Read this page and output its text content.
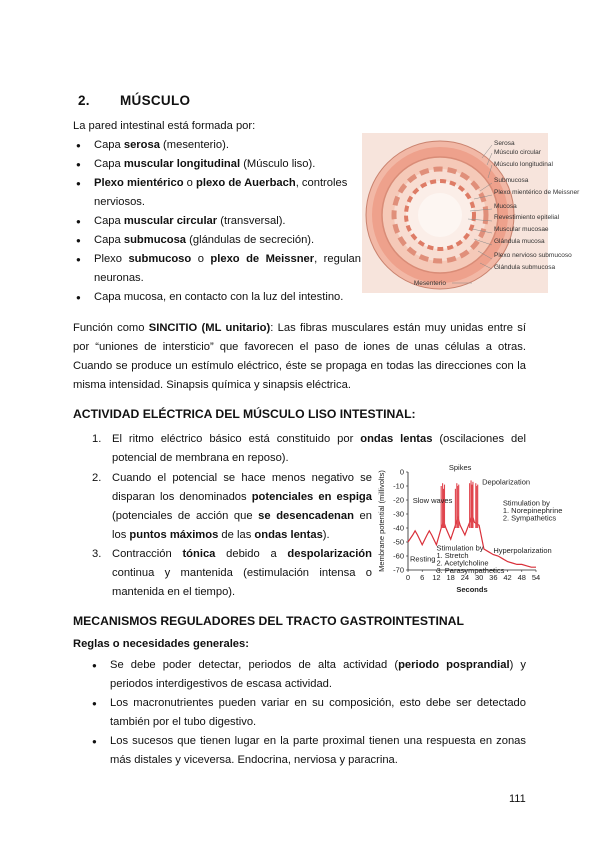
2. MÚSCULO
La pared intestinal está formada por:
● Capa serosa (mesenterio).
● Capa muscular longitudinal (Músculo liso).
● Plexo mientérico o plexo de Auerbach, controles nerviosos.
● Capa muscular circular (transversal).
● Capa submucosa (glándulas de secreción).
● Plexo submucoso o plexo de Meissner, regulan neuronas.
● Capa mucosa, en contacto con la luz del intestino.
Serosa
Músculo circular
Músculo longitudinal
Submucosa
Plexo mientérico de Meissner
Mucosa
Revestimiento epitelial
Muscular mucosae
Glándula mucosa
Plexo nervioso submucoso
Glándula submucosa
Mesenterio
Función como SINCITIO (ML unitario): Las fibras musculares están muy unidas entre sí por “uniones de intersticio” que favorecen el paso de iones de unas células a otras. Cuando se produce un estímulo eléctrico, éste se propaga en todas las direcciones con la misma intensidad. Sinapsis química y sinapsis eléctrica.
ACTIVIDAD ELÉCTRICA DEL MÚSCULO LISO INTESTINAL:
1. El ritmo eléctrico básico está constituido por ondas lentas (oscilaciones del potencial de membrana en reposo).
2. Cuando el potencial se hace menos negativo se disparan los denominados potenciales en espiga (potenciales de acción que se desencadenan en los puntos máximos de las ondas lentas).
3. Contracción tónica debido a despolarización continua y mantenida (estimulación intensa o mantenida en el tiempo).
0
-10
-20
-30
-40
-50
-60
-70
0 6 12 18 24 30 36 42 48 54
Seconds
Membrane potential (millivolts)
Spikes
Depolarization
Slow waves
Resting
Stimulation by 1. Stretch 2. Acetylcholine 3. Parasympathetics
Stimulation by 1. Norepinephrine 2. Sympathetics
Hyperpolarization
MECANISMOS REGULADORES DEL TRACTO GASTROINTESTINAL
Reglas o necesidades generales:
● Se debe poder detectar, periodos de alta actividad (periodo posprandial) y periodos interdigestivos de escasa actividad.
● Los macronutrientes pueden variar en su composición, esto debe ser detectado también por el tubo digestivo.
● Los sucesos que tienen lugar en la parte proximal tienen una respuesta en zonas más distales y viceversa. Endocrina, nerviosa y paracrina.
111
